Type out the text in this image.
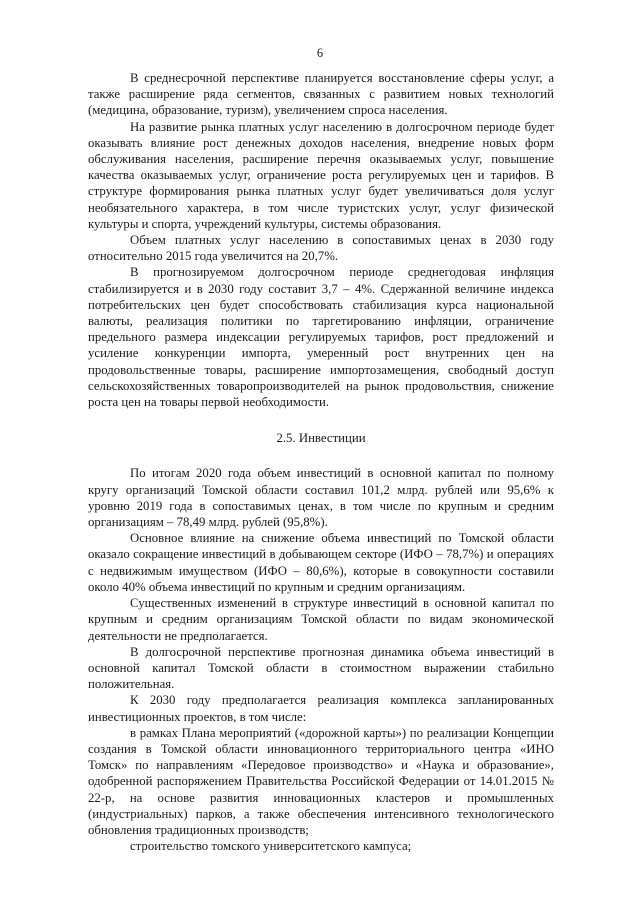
6

В среднесрочной перспективе планируется восстановление сферы услуг, а также расширение ряда сегментов, связанных с развитием новых технологий (медицина, образование, туризм), увеличением спроса населения.

На развитие рынка платных услуг населению в долгосрочном периоде будет оказывать влияние рост денежных доходов населения, внедрение новых форм обслуживания населения, расширение перечня оказываемых услуг, повышение качества оказываемых услуг, ограничение роста регулируемых цен и тарифов. В структуре формирования рынка платных услуг будет увеличиваться доля услуг необязательного характера, в том числе туристских услуг, услуг физической культуры и спорта, учреждений культуры, системы образования.

Объем платных услуг населению в сопоставимых ценах в 2030 году относительно 2015 года увеличится на 20,7%.

В прогнозируемом долгосрочном периоде среднегодовая инфляция стабилизируется и в 2030 году составит 3,7 – 4%. Сдержанной величине индекса потребительских цен будет способствовать стабилизация курса национальной валюты, реализация политики по таргетированию инфляции, ограничение предельного размера индексации регулируемых тарифов, рост предложений и усиление конкуренции импорта, умеренный рост внутренних цен на продовольственные товары, расширение импортозамещения, свободный доступ сельскохозяйственных товаропроизводителей на рынок продовольствия, снижение роста цен на товары первой необходимости.

2.5. Инвестиции

По итогам 2020 года объем инвестиций в основной капитал по полному кругу организаций Томской области составил 101,2 млрд. рублей или 95,6% к уровню 2019 года в сопоставимых ценах, в том числе по крупным и средним организациям – 78,49 млрд. рублей (95,8%).

Основное влияние на снижение объема инвестиций по Томской области оказало сокращение инвестиций в добывающем секторе (ИФО – 78,7%) и операциях с недвижимым имуществом (ИФО – 80,6%), которые в совокупности составили около 40% объема инвестиций по крупным и средним организациям.

Существенных изменений в структуре инвестиций в основной капитал по крупным и средним организациям Томской области по видам экономической деятельности не предполагается.

В долгосрочной перспективе прогнозная динамика объема инвестиций в основной капитал Томской области в стоимостном выражении стабильно положительная.

К 2030 году предполагается реализация комплекса запланированных инвестиционных проектов, в том числе:

в рамках Плана мероприятий («дорожной карты») по реализации Концепции создания в Томской области инновационного территориального центра «ИНО Томск» по направлениям «Передовое производство» и «Наука и образование», одобренной распоряжением Правительства Российской Федерации от 14.01.2015 № 22-р, на основе развития инновационных кластеров и промышленных (индустриальных) парков, а также обеспечения интенсивного технологического обновления традиционных производств;

строительство томского университетского кампуса;
